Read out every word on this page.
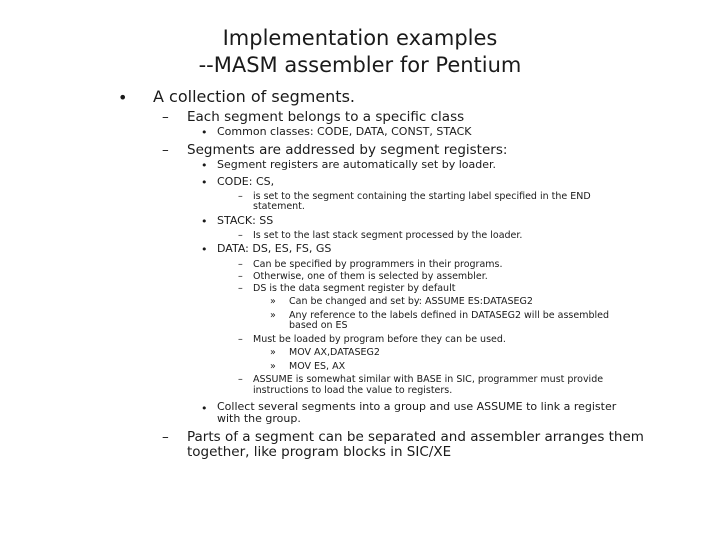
Implementation examples
--MASM assembler for Pentium
• A collection of segments.
– Each segment belongs to a specific class
• Common classes: CODE, DATA, CONST, STACK
– Segments are addressed by segment registers:
• Segment registers are automatically set by loader.
• CODE: CS,
– is set to the segment containing the starting label specified in the END
statement.
• STACK: SS
– Is set to the last stack segment processed by the loader.
• DATA: DS, ES, FS, GS
– Can be specified by programmers in their programs.
– Otherwise, one of them is selected by assembler.
– DS is the data segment register by default
» Can be changed and set by: ASSUME ES:DATASEG2
» Any reference to the labels defined in DATASEG2 will be assembled
based on ES
– Must be loaded by program before they can be used.
» MOV AX,DATASEG2
» MOV ES, AX
– ASSUME is somewhat similar with BASE in SIC, programmer must provide
instructions to load the value to registers.
• Collect several segments into a group and use ASSUME to link a register
with the group.
– Parts of a segment can be separated and assembler arranges them
together, like program blocks in SIC/XE
